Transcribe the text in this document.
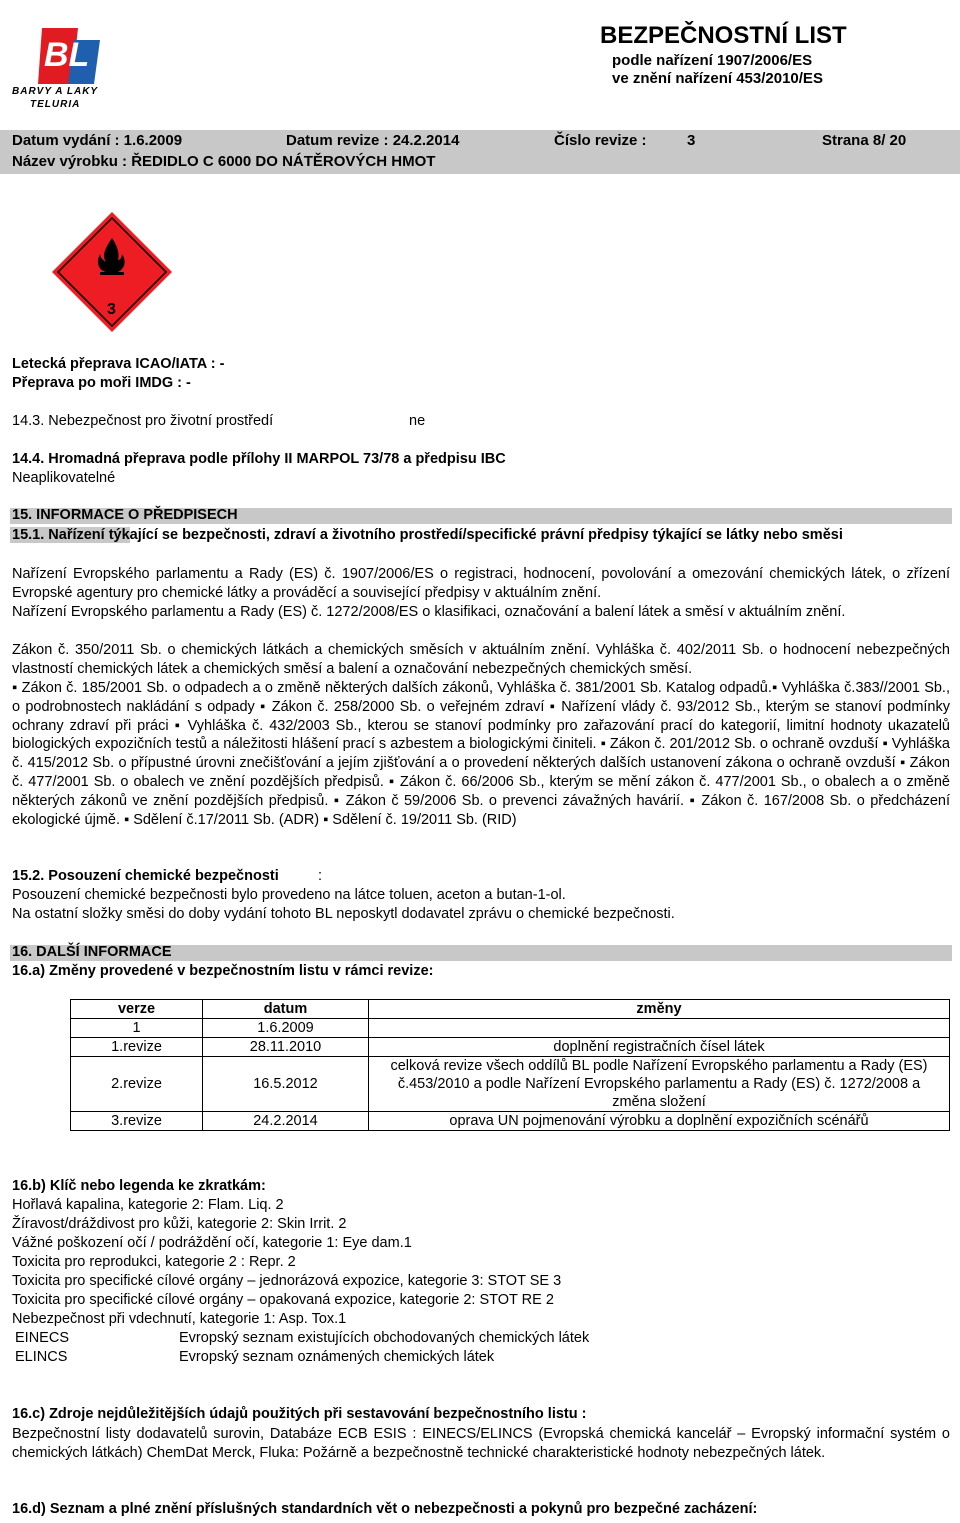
BL
BARVY A LAKY
TELURIA
BEZPEČNOSTNÍ LIST
podle nařízení 1907/2006/ES
ve znění nařízení 453/2010/ES
Datum vydání : 1.6.2009	Datum revize : 24.2.2014	Číslo revize :	3	Strana 8/ 20
Název výrobku : ŘEDIDLO C 6000 DO NÁTĚROVÝCH HMOT
3
Letecká přeprava ICAO/IATA : -
Přeprava po moři IMDG : -
14.3. Nebezpečnost pro životní prostředí	ne
14.4. Hromadná přeprava podle přílohy II MARPOL 73/78 a předpisu IBC
Neaplikovatelné
15. INFORMACE O PŘEDPISECH
15.1. Nařízení týkající se bezpečnosti, zdraví a životního prostředí/specifické právní předpisy týkající se látky nebo směsi
Nařízení Evropského parlamentu a Rady (ES) č. 1907/2006/ES o registraci, hodnocení, povolování a omezování chemických látek, o zřízení Evropské agentury pro chemické látky a prováděcí a související předpisy v aktuálním znění.
Nařízení Evropského parlamentu a Rady (ES) č. 1272/2008/ES o klasifikaci, označování a balení látek a směsí v aktuálním znění.
Zákon č. 350/2011 Sb. o chemických látkách a chemických směsích v aktuálním znění. Vyhláška č. 402/2011 Sb. o hodnocení nebezpečných vlastností chemických látek a chemických směsí a balení a označování nebezpečných chemických směsí.
▪ Zákon č. 185/2001 Sb. o odpadech a o změně některých dalších zákonů, Vyhláška č. 381/2001 Sb. Katalog odpadů.▪ Vyhláška č.383//2001 Sb., o podrobnostech nakládání s odpady ▪ Zákon č. 258/2000 Sb. o veřejném zdraví ▪ Nařízení vlády č. 93/2012 Sb., kterým se stanoví podmínky ochrany zdraví při práci ▪ Vyhláška č. 432/2003 Sb., kterou se stanoví podmínky pro zařazování prací do kategorií, limitní hodnoty ukazatelů biologických expozičních testů a náležitosti hlášení prací s azbestem a biologickými činiteli. ▪ Zákon č. 201/2012 Sb. o ochraně ovzduší ▪ Vyhláška č. 415/2012 Sb. o přípustné úrovni znečišťování a jejím zjišťování a o provedení některých dalších ustanovení zákona o ochraně ovzduší ▪ Zákon č. 477/2001 Sb. o obalech ve znění pozdějších předpisů. ▪ Zákon č. 66/2006 Sb., kterým se mění zákon č. 477/2001 Sb., o obalech a o změně některých zákonů ve znění pozdějších předpisů. ▪ Zákon č 59/2006 Sb. o prevenci závažných havárií. ▪ Zákon č. 167/2008 Sb. o předcházení ekologické újmě. ▪ Sdělení č.17/2011 Sb. (ADR) ▪ Sdělení č. 19/2011 Sb. (RID)
15.2. Posouzení chemické bezpečnosti	:
Posouzení chemické bezpečnosti bylo provedeno na látce toluen, aceton a butan-1-ol.
Na ostatní složky směsi do doby vydání tohoto BL neposkytl dodavatel zprávu o chemické bezpečnosti.
16. DALŠÍ INFORMACE
16.a) Změny provedené v bezpečnostním listu v rámci revize:
verze	datum	změny
1	1.6.2009	
1.revize	28.11.2010	doplnění registračních čísel látek
2.revize	16.5.2012	celková revize všech oddílů BL podle Nařízení Evropského parlamentu a Rady (ES) č.453/2010 a podle Nařízení Evropského parlamentu a Rady (ES) č. 1272/2008 a změna složení
3.revize	24.2.2014	oprava UN pojmenování výrobku a doplnění expozičních scénářů
16.b) Klíč nebo legenda ke zkratkám:
Hořlavá kapalina, kategorie 2: Flam. Liq. 2
Žíravost/dráždivost pro kůži, kategorie 2: Skin Irrit. 2
Vážné poškození očí / podráždění očí, kategorie 1: Eye dam.1
Toxicita pro reprodukci, kategorie 2 : Repr. 2
Toxicita pro specifické cílové orgány – jednorázová expozice, kategorie 3: STOT SE 3
Toxicita pro specifické cílové orgány – opakovaná expozice, kategorie 2: STOT RE 2
Nebezpečnost při vdechnutí, kategorie 1: Asp. Tox.1
EINECS	Evropský seznam existujících obchodovaných chemických látek
ELINCS	Evropský seznam oznámených chemických látek
16.c) Zdroje nejdůležitějších údajů použitých při sestavování bezpečnostního listu :
Bezpečnostní listy dodavatelů surovin, Databáze ECB ESIS : EINECS/ELINCS (Evropská chemická kancelář – Evropský informační systém o chemických látkách) ChemDat Merck, Fluka: Požárně a bezpečnostně technické charakteristické hodnoty nebezpečných látek.
16.d) Seznam a plné znění příslušných standardních vět o nebezpečnosti a pokynů pro bezpečné zacházení:
